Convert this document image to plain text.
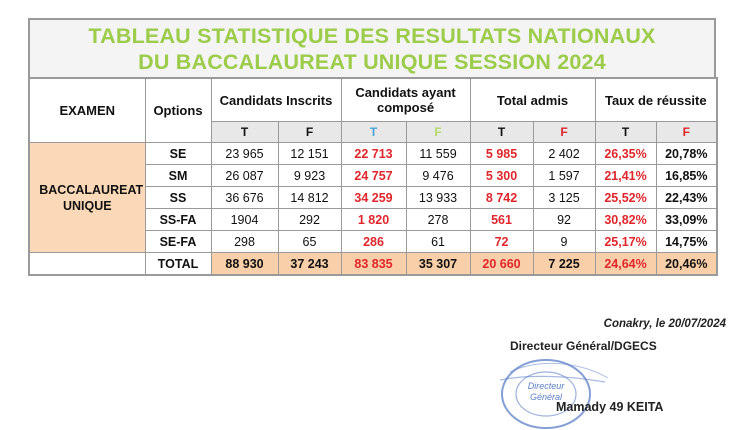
TABLEAU STATISTIQUE DES RESULTATS NATIONAUX
DU BACCALAUREAT UNIQUE SESSION 2024
EXAMEN	Options	Candidats Inscrits		Candidats ayant composé		Total admis		Taux de réussite	
		T	F	T	F	T	F	T	F
BACCALAUREAT UNIQUE	SE	23 965	12 151	22 713	11 559	5 985	2 402	26,35%	20,78%
	SM	26 087	9 923	24 757	9 476	5 300	1 597	21,41%	16,85%
	SS	36 676	14 812	34 259	13 933	8 742	3 125	25,52%	22,43%
	SS-FA	1904	292	1 820	278	561	92	30,82%	33,09%
	SE-FA	298	65	286	61	72	9	25,17%	14,75%
	TOTAL	88 930	37 243	83 835	35 307	20 660	7 225	24,64%	20,46%
Conakry, le 20/07/2024
Directeur Général/DGECS
Directeur
Général
Mamady 49 KEITA
